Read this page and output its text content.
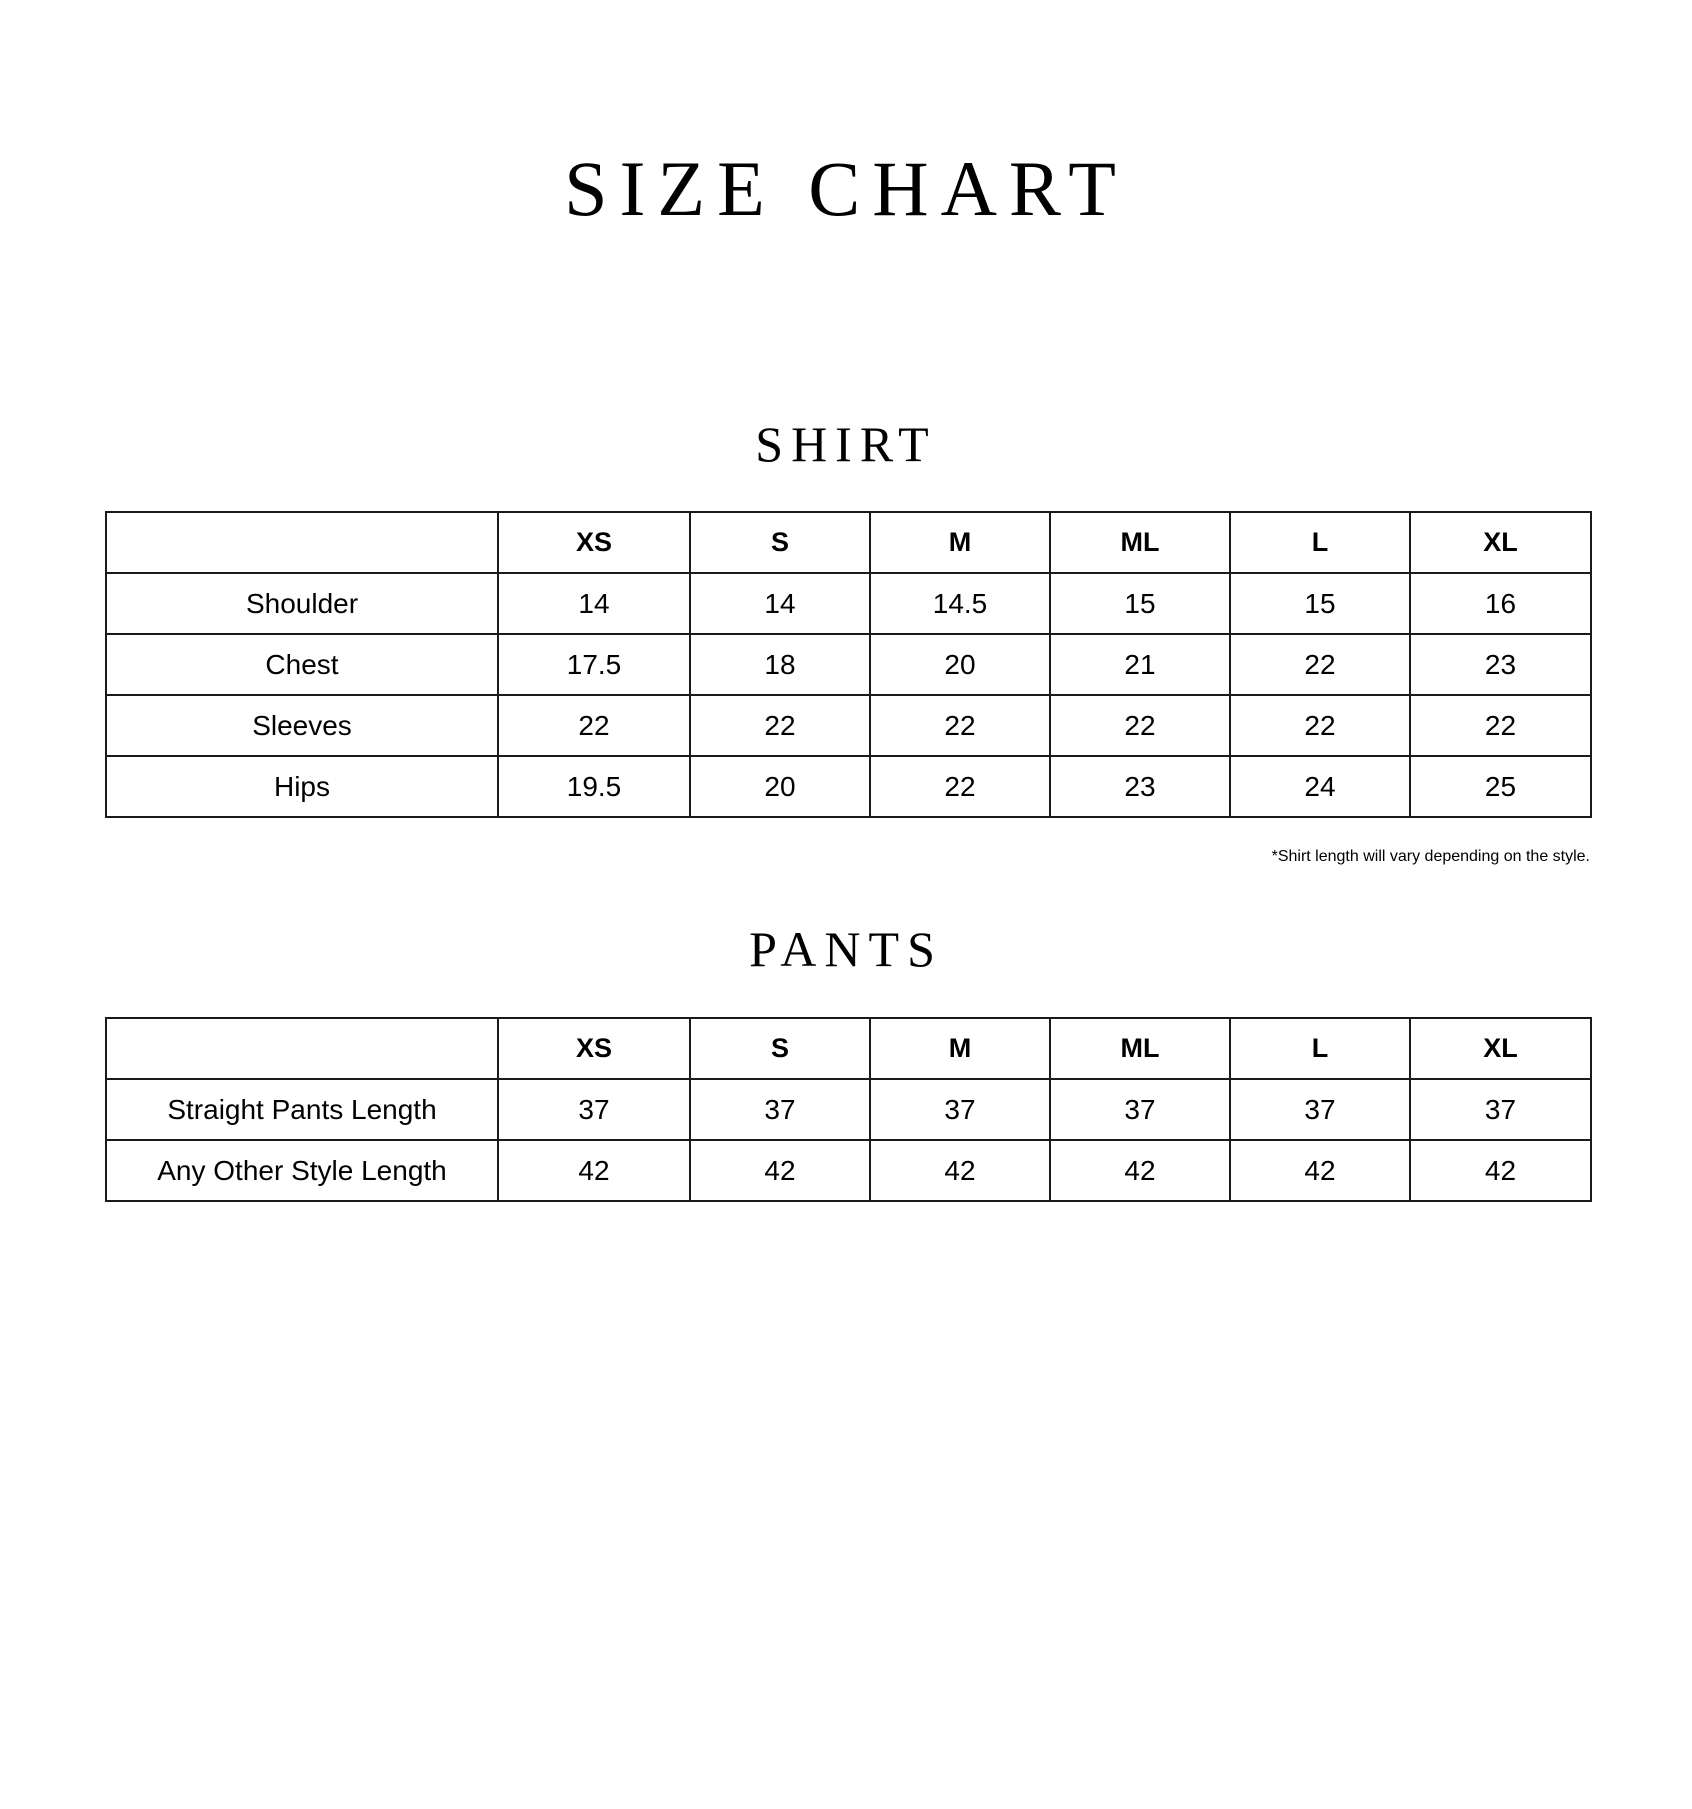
SIZE CHART
SHIRT
	XS	S	M	ML	L	XL
Shoulder	14	14	14.5	15	15	16
Chest	17.5	18	20	21	22	23
Sleeves	22	22	22	22	22	22
Hips	19.5	20	22	23	24	25
*Shirt length will vary depending on the style.
PANTS
	XS	S	M	ML	L	XL
Straight Pants Length	37	37	37	37	37	37
Any Other Style Length	42	42	42	42	42	42
